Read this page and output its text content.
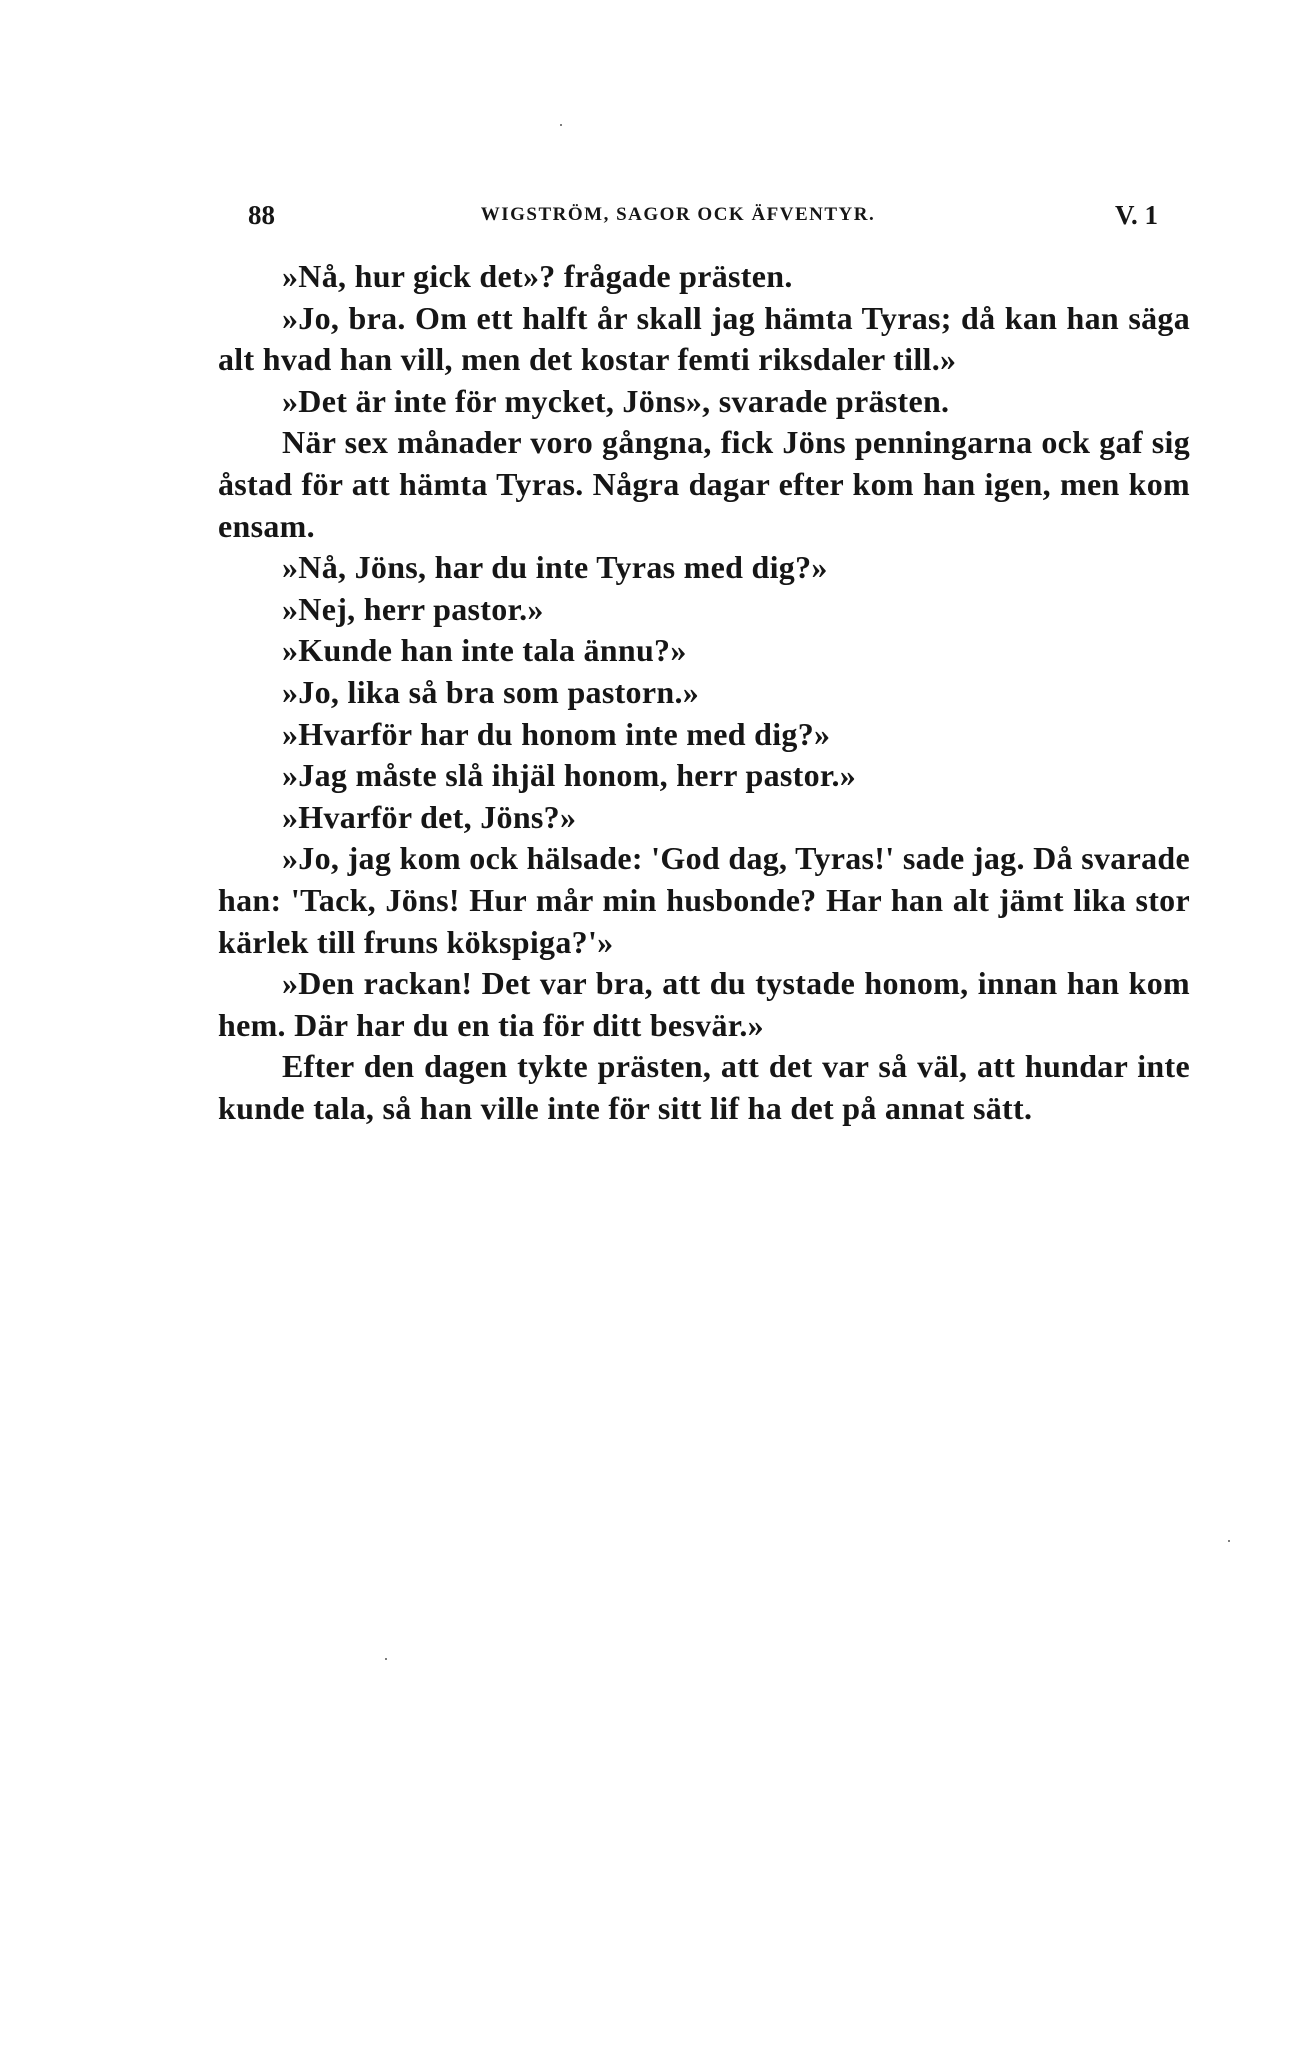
88	WIGSTRÖM, SAGOR OCK ÄFVENTYR.	V. 1

»Nå, hur gick det»? frågade prästen.

»Jo, bra. Om ett halft år skall jag hämta Tyras; då kan han säga alt hvad han vill, men det kostar femti riksdaler till.»

»Det är inte för mycket, Jöns», svarade prästen.

När sex månader voro gångna, fick Jöns penningarna ock gaf sig åstad för att hämta Tyras. Några dagar efter kom han igen, men kom ensam.

»Nå, Jöns, har du inte Tyras med dig?»

»Nej, herr pastor.»

»Kunde han inte tala ännu?»

»Jo, lika så bra som pastorn.»

»Hvarför har du honom inte med dig?»

»Jag måste slå ihjäl honom, herr pastor.»

»Hvarför det, Jöns?»

»Jo, jag kom ock hälsade: 'God dag, Tyras!' sade jag. Då svarade han: 'Tack, Jöns! Hur mår min husbonde? Har han alt jämt lika stor kärlek till fruns kökspiga?'»

»Den rackan! Det var bra, att du tystade honom, innan han kom hem. Där har du en tia för ditt besvär.»

Efter den dagen tykte prästen, att det var så väl, att hundar inte kunde tala, så han ville inte för sitt lif ha det på annat sätt.
